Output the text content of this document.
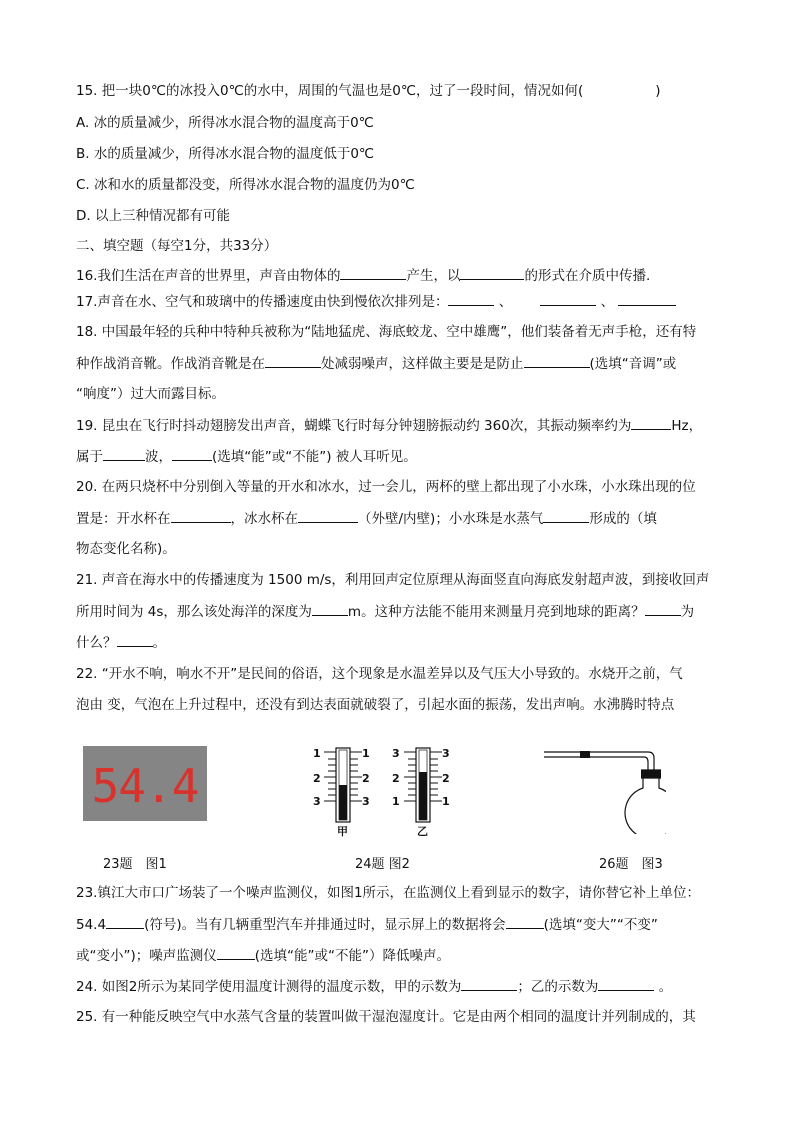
15. 把一块0℃的冰投入0℃的水中，周围的气温也是0℃，过了一段时间，情况如何(	)
A. 冰的质量减少，所得冰水混合物的温度高于0℃
B. 水的质量减少，所得冰水混合物的温度低于0℃
C. 冰和水的质量都没变，所得冰水混合物的温度仍为0℃
D. 以上三种情况都有可能
二、填空题（每空1分，共33分）
16.我们生活在声音的世界里，声音由物体的	产生，以	的形式在介质中传播.
17.声音在水、空气和玻璃中的传播速度由快到慢依次排列是：	、	、
18. 中国最年轻的兵种中特种兵被称为“陆地猛虎、海底蛟龙、空中雄鹰”，他们装备着无声手枪，还有特
种作战消音靴。作战消音靴是在	处减弱噪声，这样做主要是是防止	(选填“音调”或
“响度”）过大而露目标。
19. 昆虫在飞行时抖动翅膀发出声音，蝴蝶飞行时每分钟翅膀振动约 360次，其振动频率约为	Hz，
属于	波，	(选填“能”或“不能”) 被人耳听见。
20. 在两只烧杯中分别倒入等量的开水和冰水，过一会儿，两杯的壁上都出现了小水珠，小水珠出现的位
置是：开水杯在	，冰水杯在	（外壁/内壁)；小水珠是水蒸气	形成的（填
物态变化名称)。
21. 声音在海水中的传播速度为 1500 m/s，利用回声定位原理从海面竖直向海底发射超声波，到接收回声
所用时间为 4s，那么该处海洋的深度为	m。这种方法能不能用来测量月亮到地球的距离？	为
什么？	。
22. “开水不响，响水不开”是民间的俗语，这个现象是水温差异以及气压大小导致的。水烧开之前，气
泡由 变，气泡在上升过程中，还没有到达表面就破裂了，引起水面的振荡，发出声响。水沸腾时特点
54.4
1
2
3
1
2
3
甲
3
2
1
3
2
1
乙
23题　图1	24题 图2	26题　图3
23.镇江大市口广场装了一个噪声监测仪，如图1所示，在监测仪上看到显示的数字，请你替它补上单位：
54.4	(符号)。当有几辆重型汽车并排通过时，显示屏上的数据将会	(选填“变大”“不变”
或“变小”)；噪声监测仪	(选填“能”或“不能”）降低噪声。
24. 如图2所示为某同学使用温度计测得的温度示数，甲的示数为	；乙的示数为	。
25. 有一种能反映空气中水蒸气含量的装置叫做干湿泡湿度计。它是由两个相同的温度计并列制成的，其
